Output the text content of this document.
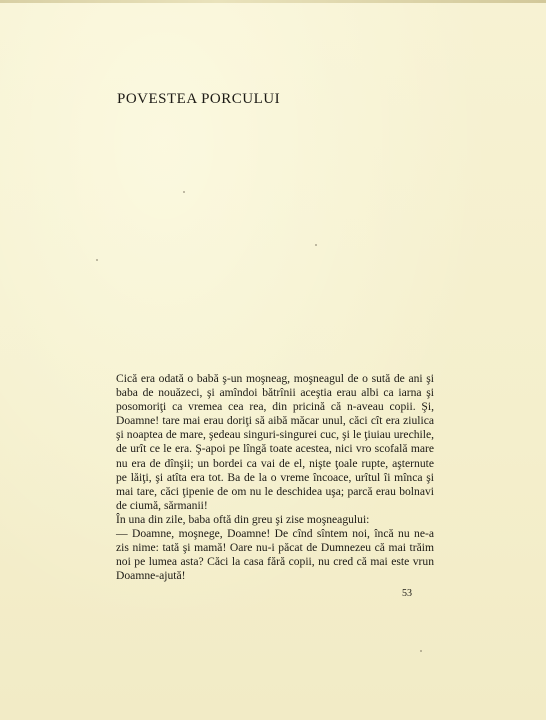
POVESTEA PORCULUI

Cică era odată o babă ş-un moşneag, moşneagul de o sută de ani şi baba de nouăzeci, şi amîndoi bătrînii aceştia erau albi ca iarna şi posomoriţi ca vremea cea rea, din pricină că n-aveau copii. Şi, Doamne! tare mai erau doriţi să aibă măcar unul, căci cît era ziulica şi noaptea de mare, şedeau singuri-singurei cuc, şi le ţiuiau urechile, de urît ce le era. Ş-apoi pe lîngă toate acestea, nici vro scofală mare nu era de dînşii; un bordei ca vai de el, nişte ţoale rupte, aşternute pe lăiţi, şi atîta era tot. Ba de la o vreme încoace, urîtul îi mînca şi mai tare, căci ţipenie de om nu le deschidea uşa; parcă erau bolnavi de ciumă, sărmanii!

În una din zile, baba oftă din greu şi zise moşneagului:

— Doamne, moşnege, Doamne! De cînd sîntem noi, încă nu ne-a zis nime: tată şi mamă! Oare nu-i păcat de Dumnezeu că mai trăim noi pe lumea asta? Căci la casa fără copii, nu cred că mai este vrun Doamne-ajută!

53
